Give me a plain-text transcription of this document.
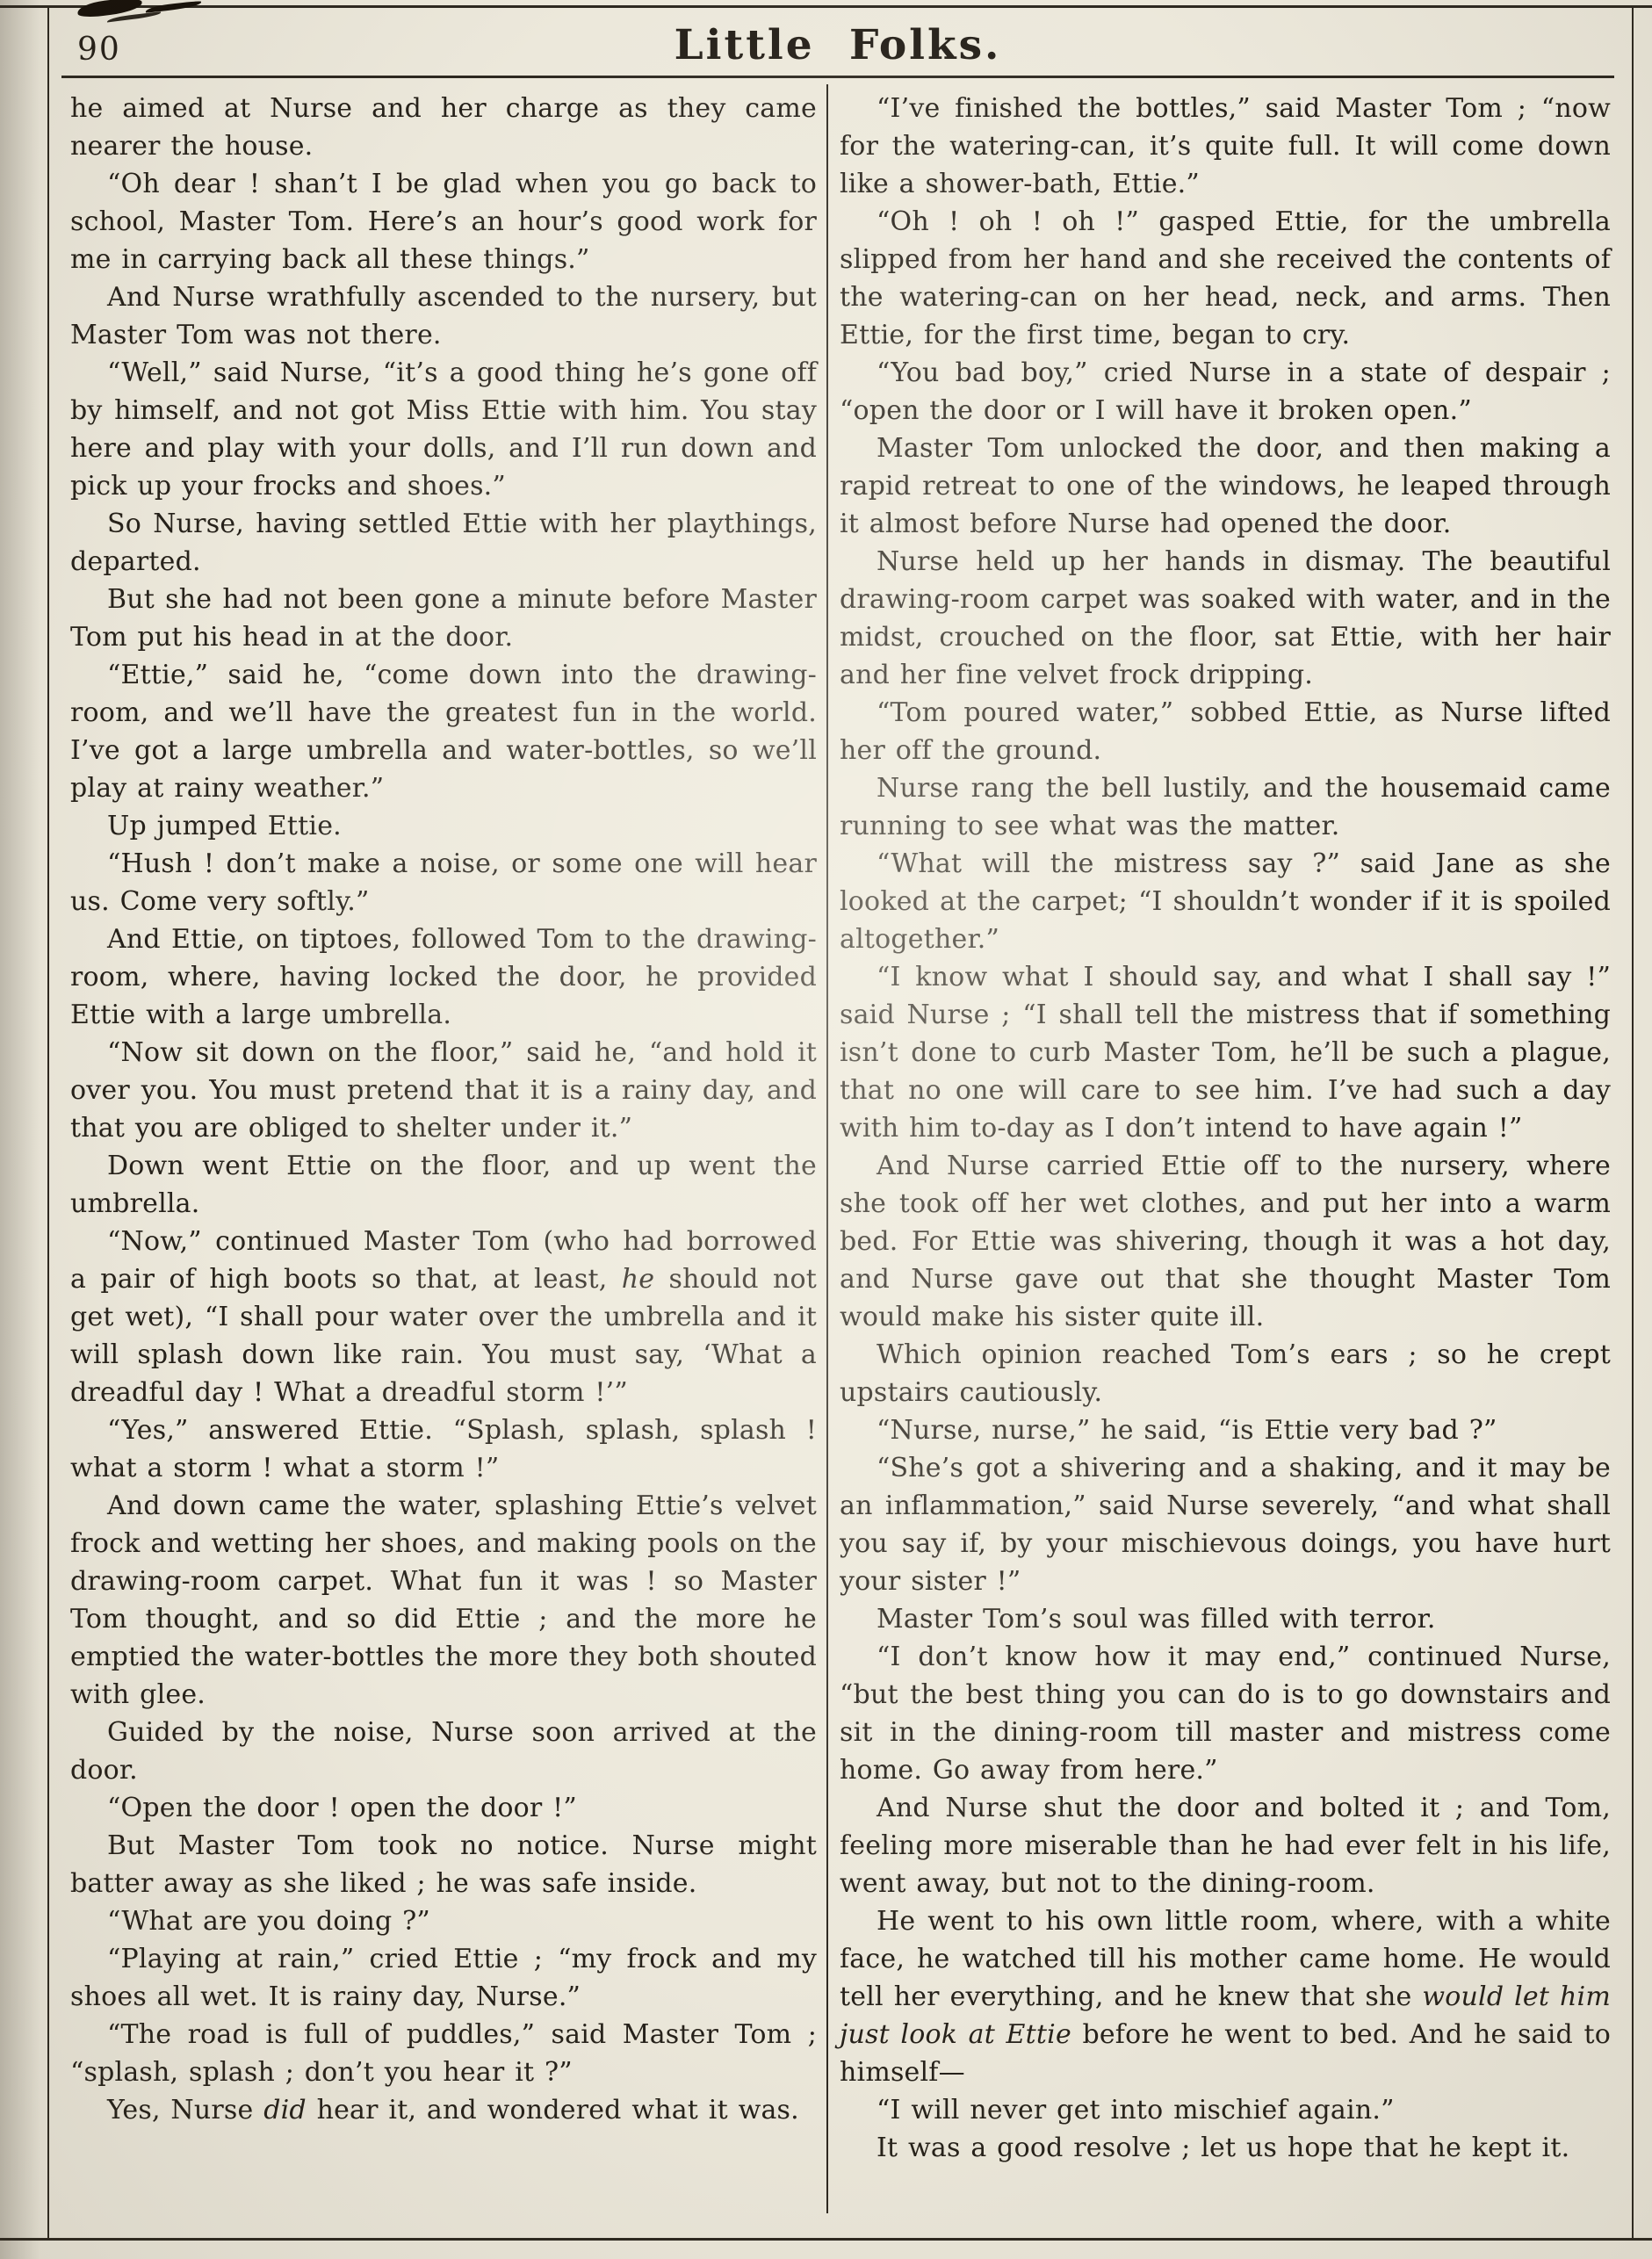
90	Little Folks.

he aimed at Nurse and her charge as they came nearer the house.

“Oh dear ! shan’t I be glad when you go back to school, Master Tom. Here’s an hour’s good work for me in carrying back all these things.”

And Nurse wrathfully ascended to the nursery, but Master Tom was not there.

“Well,” said Nurse, “it’s a good thing he’s gone off by himself, and not got Miss Ettie with him. You stay here and play with your dolls, and I’ll run down and pick up your frocks and shoes.”

So Nurse, having settled Ettie with her playthings, departed.

But she had not been gone a minute before Master Tom put his head in at the door.

“Ettie,” said he, “come down into the drawing-room, and we’ll have the greatest fun in the world. I’ve got a large umbrella and water-bottles, so we’ll play at rainy weather.”

Up jumped Ettie.

“Hush ! don’t make a noise, or some one will hear us. Come very softly.”

And Ettie, on tiptoes, followed Tom to the drawing-room, where, having locked the door, he provided Ettie with a large umbrella.

“Now sit down on the floor,” said he, “and hold it over you. You must pretend that it is a rainy day, and that you are obliged to shelter under it.”

Down went Ettie on the floor, and up went the umbrella.

“Now,” continued Master Tom (who had borrowed a pair of high boots so that, at least, he should not get wet), “I shall pour water over the umbrella and it will splash down like rain. You must say, ‘What a dreadful day ! What a dreadful storm !’”

“Yes,” answered Ettie. “Splash, splash, splash ! what a storm ! what a storm !”

And down came the water, splashing Ettie’s velvet frock and wetting her shoes, and making pools on the drawing-room carpet. What fun it was ! so Master Tom thought, and so did Ettie ; and the more he emptied the water-bottles the more they both shouted with glee.

Guided by the noise, Nurse soon arrived at the door.

“Open the door ! open the door !”

But Master Tom took no notice. Nurse might batter away as she liked ; he was safe inside.

“What are you doing ?”

“Playing at rain,” cried Ettie ; “my frock and my shoes all wet. It is rainy day, Nurse.”

“The road is full of puddles,” said Master Tom ; “splash, splash ; don’t you hear it ?”

Yes, Nurse did hear it, and wondered what it was.

“I’ve finished the bottles,” said Master Tom ; “now for the watering-can, it’s quite full. It will come down like a shower-bath, Ettie.”

“Oh ! oh ! oh !” gasped Ettie, for the umbrella slipped from her hand and she received the contents of the watering-can on her head, neck, and arms. Then Ettie, for the first time, began to cry.

“You bad boy,” cried Nurse in a state of despair ; “open the door or I will have it broken open.”

Master Tom unlocked the door, and then making a rapid retreat to one of the windows, he leaped through it almost before Nurse had opened the door.

Nurse held up her hands in dismay. The beautiful drawing-room carpet was soaked with water, and in the midst, crouched on the floor, sat Ettie, with her hair and her fine velvet frock dripping.

“Tom poured water,” sobbed Ettie, as Nurse lifted her off the ground.

Nurse rang the bell lustily, and the housemaid came running to see what was the matter.

“What will the mistress say ?” said Jane as she looked at the carpet; “I shouldn’t wonder if it is spoiled altogether.”

“I know what I should say, and what I shall say !” said Nurse ; “I shall tell the mistress that if something isn’t done to curb Master Tom, he’ll be such a plague, that no one will care to see him. I’ve had such a day with him to-day as I don’t intend to have again !”

And Nurse carried Ettie off to the nursery, where she took off her wet clothes, and put her into a warm bed. For Ettie was shivering, though it was a hot day, and Nurse gave out that she thought Master Tom would make his sister quite ill.

Which opinion reached Tom’s ears ; so he crept upstairs cautiously.

“Nurse, nurse,” he said, “is Ettie very bad ?”

“She’s got a shivering and a shaking, and it may be an inflammation,” said Nurse severely, “and what shall you say if, by your mischievous doings, you have hurt your sister !”

Master Tom’s soul was filled with terror.

“I don’t know how it may end,” continued Nurse, “but the best thing you can do is to go downstairs and sit in the dining-room till master and mistress come home. Go away from here.”

And Nurse shut the door and bolted it ; and Tom, feeling more miserable than he had ever felt in his life, went away, but not to the dining-room.

He went to his own little room, where, with a white face, he watched till his mother came home. He would tell her everything, and he knew that she would let him just look at Ettie before he went to bed. And he said to himself—

“I will never get into mischief again.”

It was a good resolve ; let us hope that he kept it.
